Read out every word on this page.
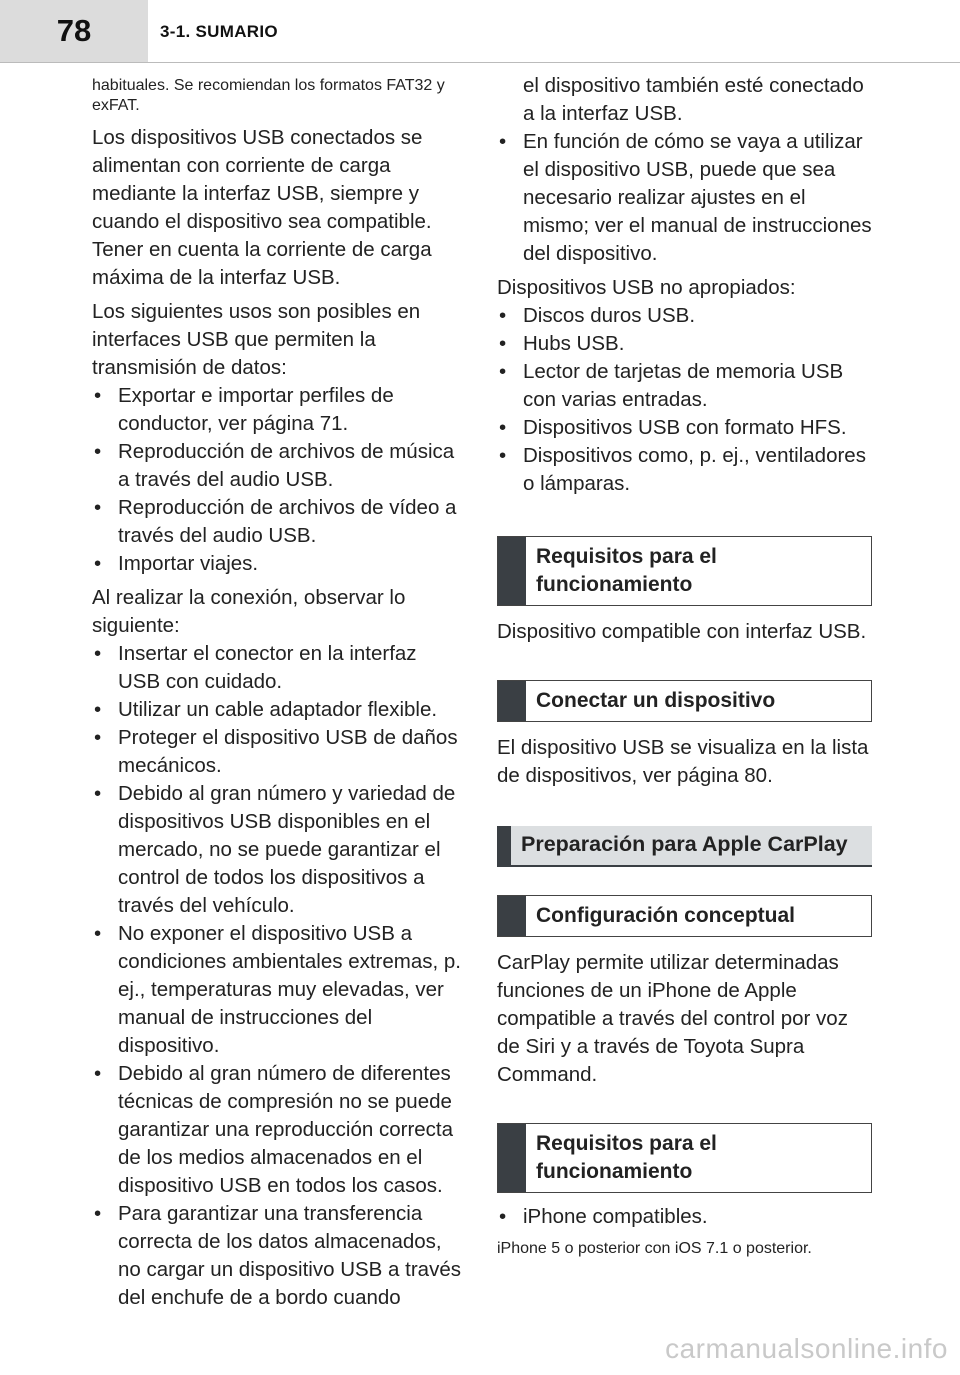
78	3-1. SUMARIO

habituales. Se recomiendan los formatos FAT32 y exFAT.

Los dispositivos USB conectados se alimentan con corriente de carga mediante la interfaz USB, siempre y cuando el dispositivo sea compatible. Tener en cuenta la corriente de carga máxima de la interfaz USB.

Los siguientes usos son posibles en interfaces USB que permiten la transmisión de datos:

• Exportar e importar perfiles de conductor, ver página 71.
• Reproducción de archivos de música a través del audio USB.
• Reproducción de archivos de vídeo a través del audio USB.
• Importar viajes.

Al realizar la conexión, observar lo siguiente:

• Insertar el conector en la interfaz USB con cuidado.
• Utilizar un cable adaptador flexible.
• Proteger el dispositivo USB de daños mecánicos.
• Debido al gran número y variedad de dispositivos USB disponibles en el mercado, no se puede garantizar el control de todos los dispositivos a través del vehículo.
• No exponer el dispositivo USB a condiciones ambientales extremas, p. ej., temperaturas muy elevadas, ver manual de instrucciones del dispositivo.
• Debido al gran número de diferentes técnicas de compresión no se puede garantizar una reproducción correcta de los medios almacenados en el dispositivo USB en todos los casos.
• Para garantizar una transferencia correcta de los datos almacenados, no cargar un dispositivo USB a través del enchufe de a bordo cuando

el dispositivo también esté conectado a la interfaz USB.

• En función de cómo se vaya a utilizar el dispositivo USB, puede que sea necesario realizar ajustes en el mismo; ver el manual de instrucciones del dispositivo.

Dispositivos USB no apropiados:

• Discos duros USB.
• Hubs USB.
• Lector de tarjetas de memoria USB con varias entradas.
• Dispositivos USB con formato HFS.
• Dispositivos como, p. ej., ventiladores o lámparas.
Requisitos para el funcionamiento

Dispositivo compatible con interfaz USB.

Conectar un dispositivo

El dispositivo USB se visualiza en la lista de dispositivos, ver página 80.

Preparación para Apple CarPlay
Configuración conceptual

CarPlay permite utilizar determinadas funciones de un iPhone de Apple compatible a través del control por voz de Siri y a través de Toyota Supra Command.

Requisitos para el funcionamiento
• iPhone compatibles.

iPhone 5 o posterior con iOS 7.1 o posterior.

carmanualsonline.info
